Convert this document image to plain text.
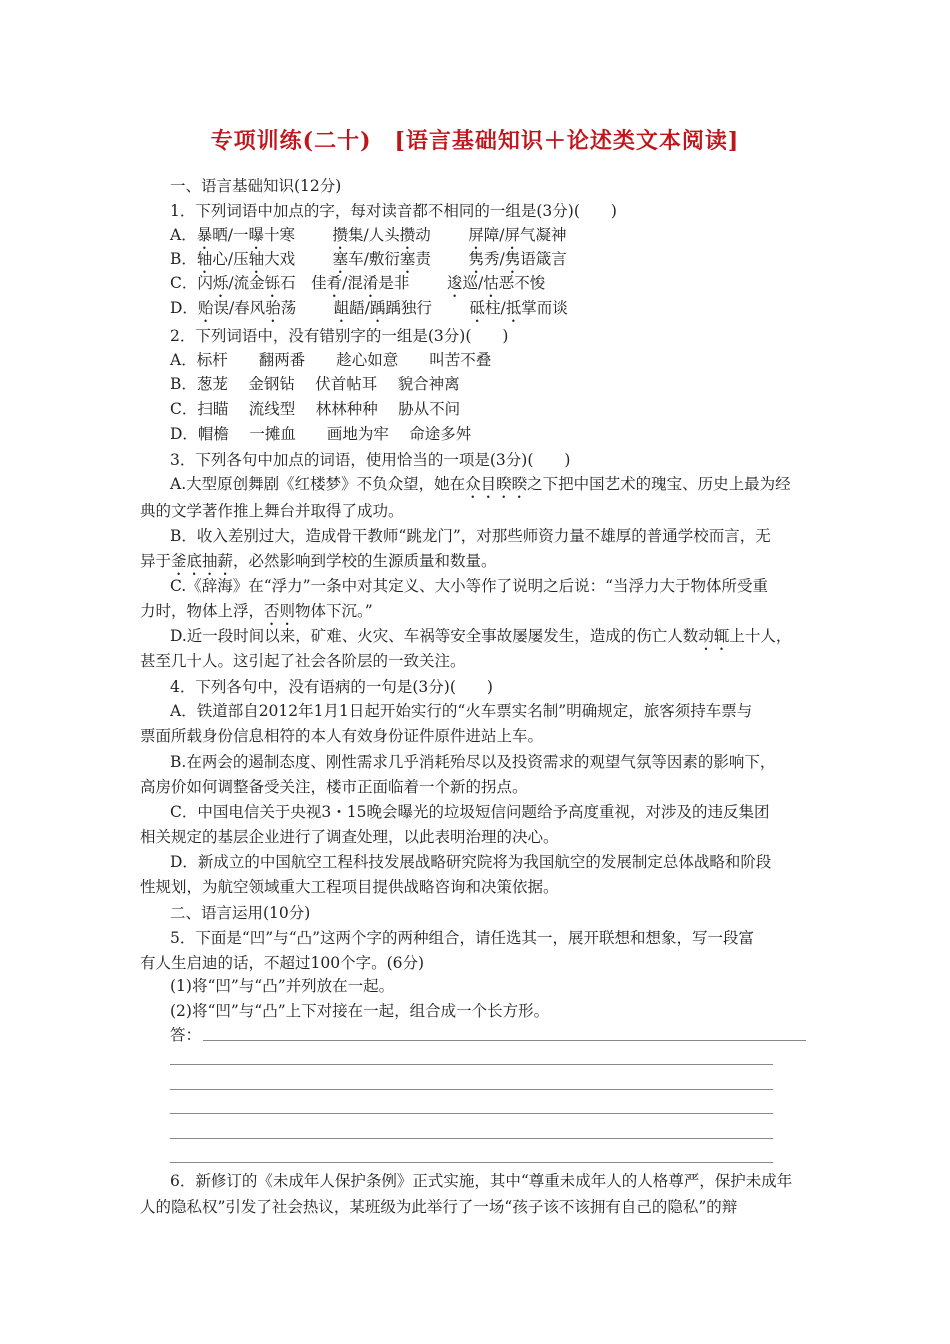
专项训练(二十)　[语言基础知识＋论述类文本阅读]
一、语言基础知识(12分)
1．下列词语中加点的字，每对读音都不相同的一组是(3分)(　　)
A．暴晒/一曝十寒　攒集/人头攒动　屏障/屏气凝神
B．轴心/压轴大戏　塞车/敷衍塞责　隽秀/隽语箴言
C．闪烁/流金铄石　佳肴/混淆是非　逡巡/怙恶不悛
D．贻误/春风骀荡　龃龉/踽踽独行　砥柱/抵掌而谈
2．下列词语中，没有错别字的一组是(3分)(　　)
A．标杆　　翻两番　　趁心如意　　叫苦不叠
B．葱茏　 金钢钻　 伏首帖耳　 貌合神离
C．扫瞄　 流线型　 林林种种　 胁从不问
D．帽檐　 一摊血　　画地为牢　 命途多舛
3．下列各句中加点的词语，使用恰当的一项是(3分)(　　)
A.大型原创舞剧《红楼梦》不负众望，她在众目睽睽之下把中国艺术的瑰宝、历史上最为经
典的文学著作推上舞台并取得了成功。
B．收入差别过大，造成骨干教师“跳龙门”，对那些师资力量不雄厚的普通学校而言，无
异于釜底抽薪，必然影响到学校的生源质量和数量。
C.《辞海》在“浮力”一条中对其定义、大小等作了说明之后说：“当浮力大于物体所受重
力时，物体上浮，否则物体下沉。”
D.近一段时间以来，矿难、火灾、车祸等安全事故屡屡发生，造成的伤亡人数动辄上十人，
甚至几十人。这引起了社会各阶层的一致关注。
4．下列各句中，没有语病的一句是(3分)(　　)
A．铁道部自2012年1月1日起开始实行的“火车票实名制”明确规定，旅客须持车票与
票面所载身份信息相符的本人有效身份证件原件进站上车。
B.在两会的遏制态度、刚性需求几乎消耗殆尽以及投资需求的观望气氛等因素的影响下，
高房价如何调整备受关注，楼市正面临着一个新的拐点。
C．中国电信关于央视3・15晚会曝光的垃圾短信问题给予高度重视，对涉及的违反集团
相关规定的基层企业进行了调查处理，以此表明治理的决心。
D．新成立的中国航空工程科技发展战略研究院将为我国航空的发展制定总体战略和阶段
性规划，为航空领域重大工程项目提供战略咨询和决策依据。
二、语言运用(10分)
5．下面是“凹”与“凸”这两个字的两种组合，请任选其一，展开联想和想象，写一段富
有人生启迪的话，不超过100个字。(6分)
(1)将“凹”与“凸”并列放在一起。
(2)将“凹”与“凸”上下对接在一起，组合成一个长方形。
答：
6．新修订的《未成年人保护条例》正式实施，其中“尊重未成年人的人格尊严，保护未成年
人的隐私权”引发了社会热议，某班级为此举行了一场“孩子该不该拥有自己的隐私”的辩
